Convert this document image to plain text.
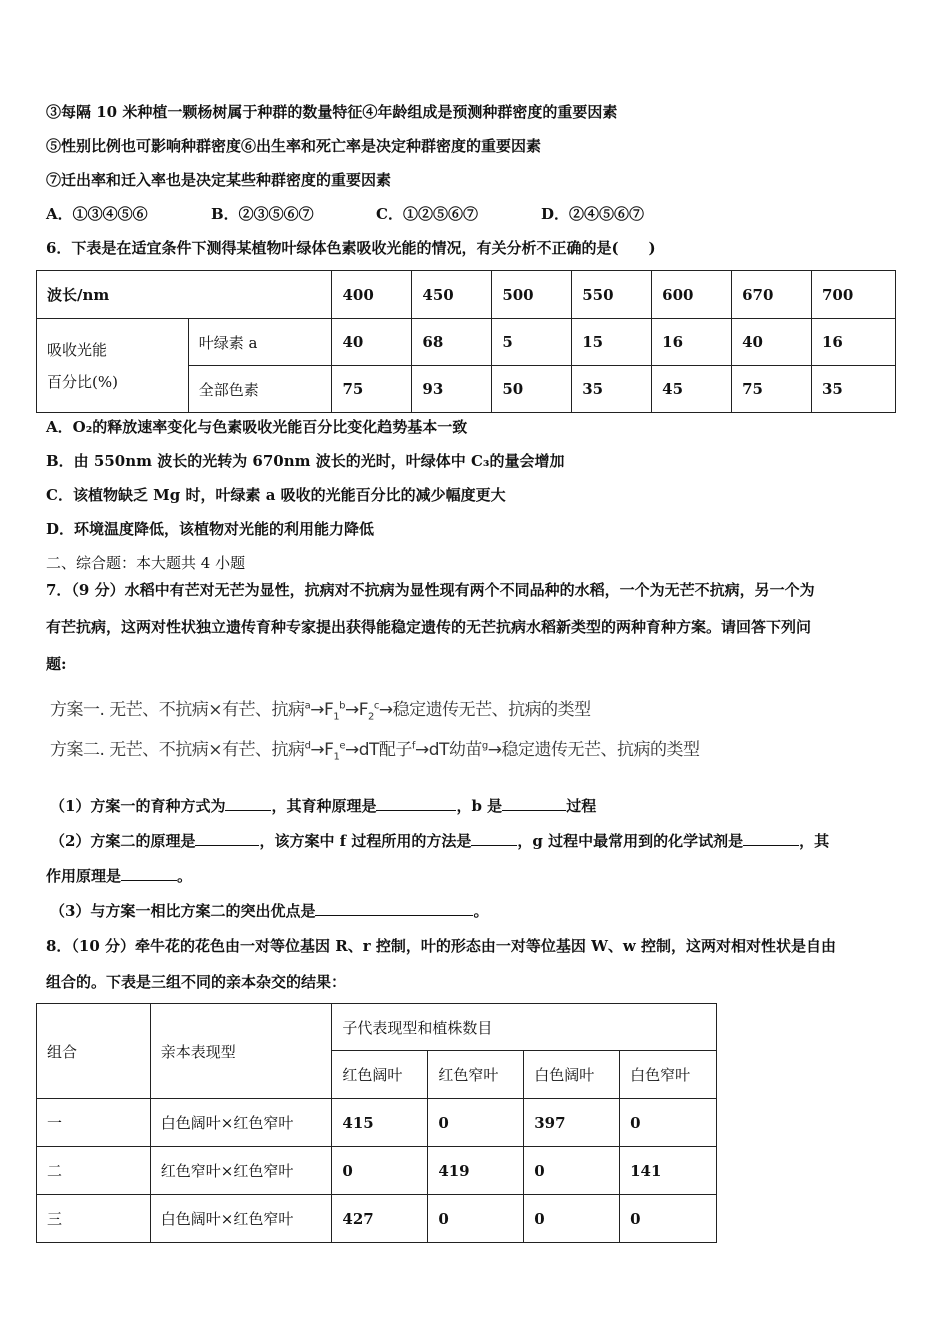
③每隔 10 米种植一颗杨树属于种群的数量特征④年龄组成是预测种群密度的重要因素
⑤性别比例也可影响种群密度⑥出生率和死亡率是决定种群密度的重要因素
⑦迁出率和迁入率也是决定某些种群密度的重要因素
A．①③④⑤⑥	B．②③⑤⑥⑦	C．①②⑤⑥⑦	D．②④⑤⑥⑦
6．下表是在适宜条件下测得某植物叶绿体色素吸收光能的情况，有关分析不正确的是(　　)
波长/nm		400	450	500	550	600	670	700

吸收光能
百分比(%)	叶绿素 a	40	68	5	15	16	40	16
	全部色素	75	93	50	35	45	75	35
A．O₂的释放速率变化与色素吸收光能百分比变化趋势基本一致
B．由 550nm 波长的光转为 670nm 波长的光时，叶绿体中 C₃的量会增加
C．该植物缺乏 Mg 时，叶绿素 a 吸收的光能百分比的减少幅度更大
D．环境温度降低，该植物对光能的利用能力降低
二、综合题：本大题共 4 小题
7．（9 分）水稻中有芒对无芒为显性，抗病对不抗病为显性现有两个不同品种的水稻，一个为无芒不抗病，另一个为
有芒抗病，这两对性状独立遗传育种专家提出获得能稳定遗传的无芒抗病水稻新类型的两种育种方案。请回答下列问
题:
方案一. 无芒、不抗病×有芒、抗病$^a\to F_1^b\to F_2^c\to$稳定遗传无芒、抗病的类型
方案二. 无芒、不抗病×有芒、抗病$^d\to F_1^e\to dT$配子$^f$→dT幼苗$^g$→稳定遗传无芒、抗病的类型
（1）方案一的育种方式为	，其育种原理是	，b 是	过程
（2）方案二的原理是	，该方案中 f 过程所用的方法是	，g 过程中最常用到的化学试剂是	，其
作用原理是	。
（3）与方案一相比方案二的突出优点是	。
8．（10 分）牵牛花的花色由一对等位基因 R、r 控制，叶的形态由一对等位基因 W、w 控制，这两对相对性状是自由
组合的。下表是三组不同的亲本杂交的结果：
组合	亲本表现型	子代表现型和植株数目			
		红色阔叶	红色窄叶	白色阔叶	白色窄叶
一	白色阔叶×红色窄叶	415	0	397	0
二	红色窄叶×红色窄叶	0	419	0	141
三	白色阔叶×红色窄叶	427	0	0	0
